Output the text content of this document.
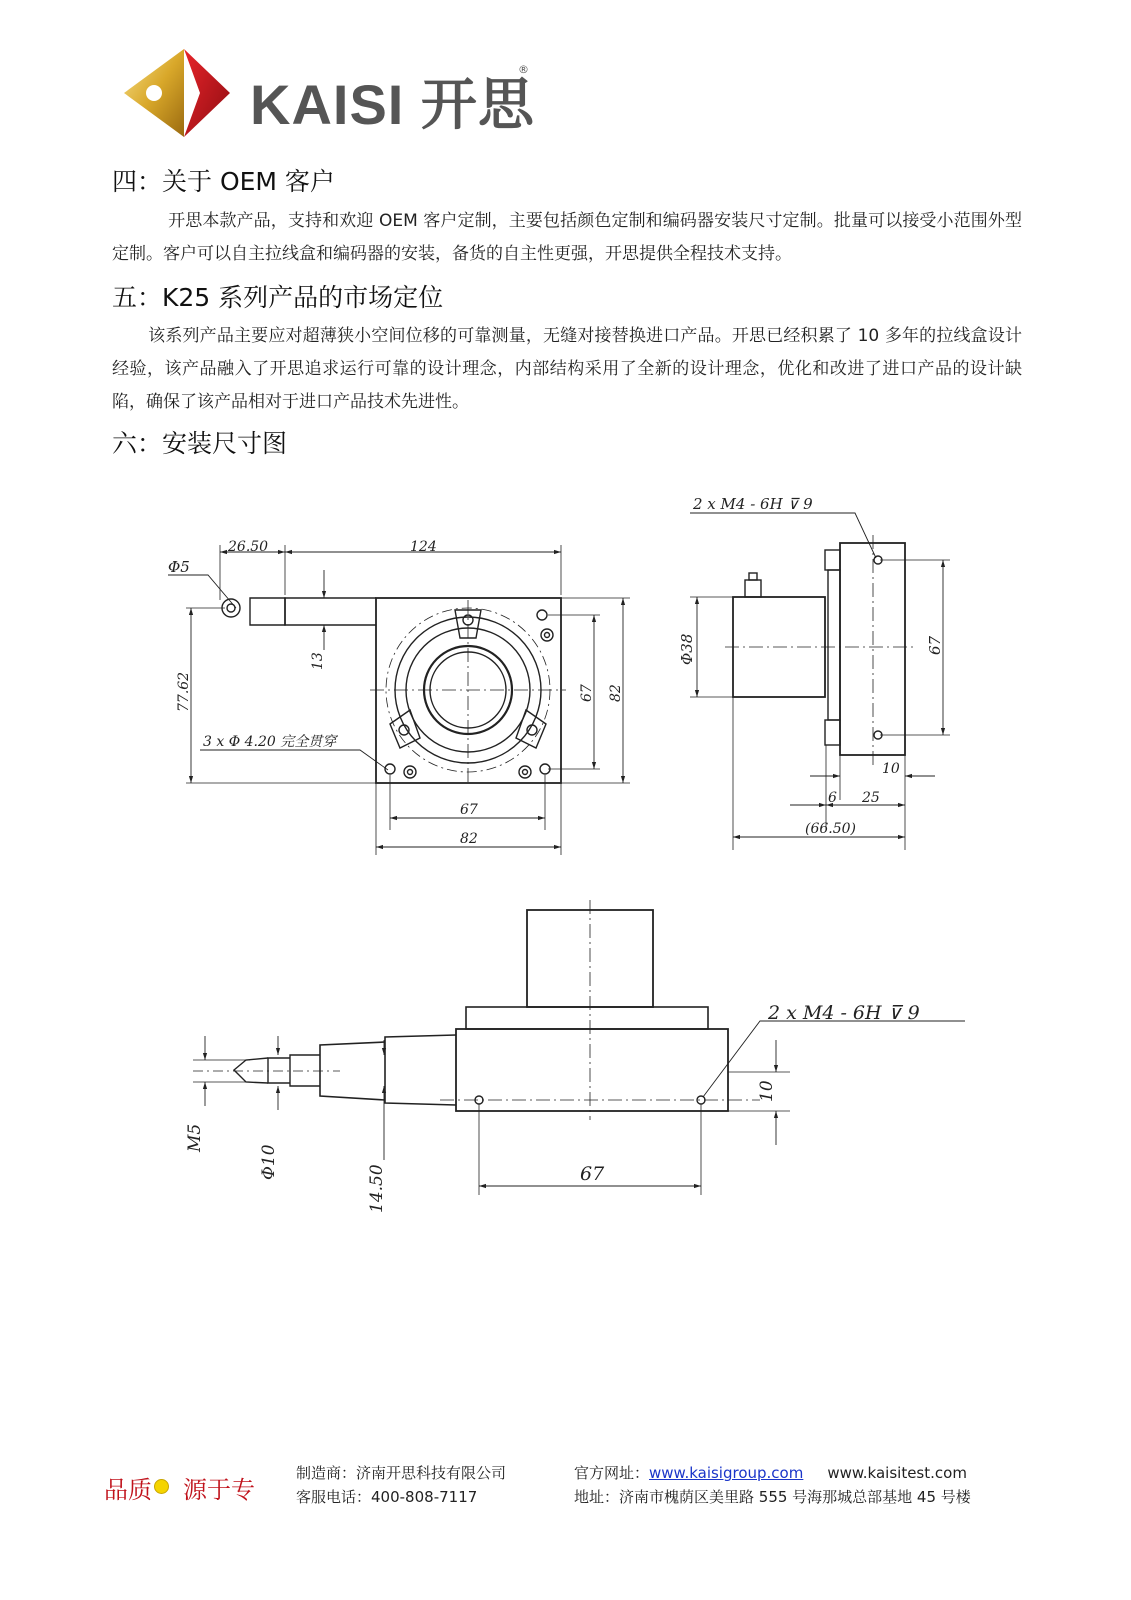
KAISI 开思
®
四：关于 OEM 客户
开思本款产品，支持和欢迎 OEM 客户定制，主要包括颜色定制和编码器安装尺寸定制。批量可以接受小范围外型定制。客户可以自主拉线盒和编码器的安装，备货的自主性更强，开思提供全程技术支持。
五：K25 系列产品的市场定位
该系列产品主要应对超薄狭小空间位移的可靠测量，无缝对接替换进口产品。开思已经积累了 10 多年的拉线盒设计经验，该产品融入了开思追求运行可靠的设计理念，内部结构采用了全新的设计理念，优化和改进了进口产品的设计缺陷，确保了该产品相对于进口产品技术先进性。
六：安装尺寸图
26.50	124
Φ5
13
77.62	67 82
3 x Φ 4.20 完全贯穿
67
82
2 x M4 - 6H ⊽ 9
Φ38	67
10
6 25
(66.50)
2 x M4 - 6H ⊽ 9
M5
Φ10
14.50	67
10
品质 源于专
制造商：济南开思科技有限公司
客服电话：400-808-7117
官方网址：www.kaisigroup.com www.kaisitest.com
地址：济南市槐荫区美里路 555 号海那城总部基地 45 号楼
